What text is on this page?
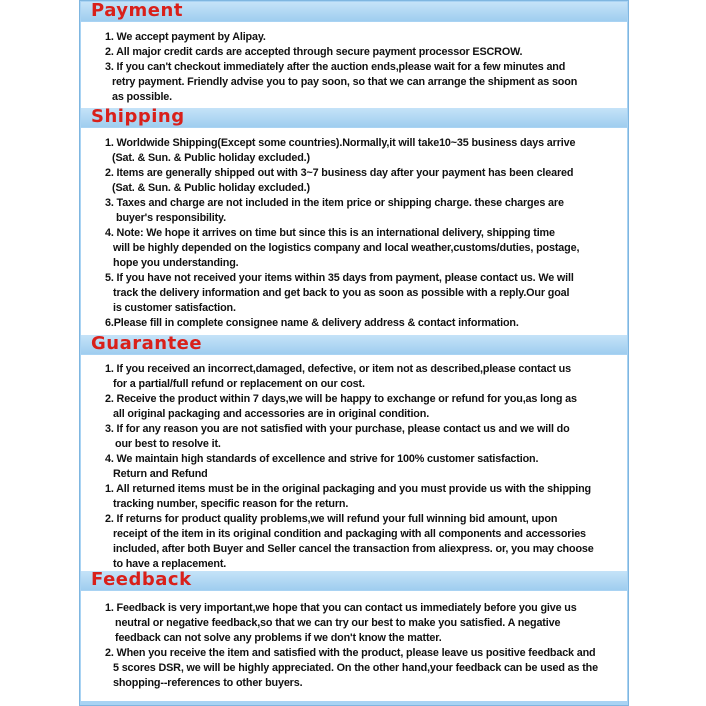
Payment
1. We accept payment by Alipay.
2. All major credit cards are accepted through secure payment processor ESCROW.
3. If you can't checkout immediately after the auction ends,please wait for a few minutes and
retry payment. Friendly advise you to pay soon, so that we can arrange the shipment as soon
as possible.
Shipping
1. Worldwide Shipping(Except some countries).Normally,it will take10~35 business days arrive
(Sat. & Sun. & Public holiday excluded.)
2. Items are generally shipped out with 3~7 business day after your payment has been cleared
(Sat. & Sun. & Public holiday excluded.)
3. Taxes and charge are not included in the item price or shipping charge. these charges are
buyer's responsibility.
4. Note: We hope it arrives on time but since this is an international delivery, shipping time
will be highly depended on the logistics company and local weather,customs/duties, postage,
hope you understanding.
5. If you have not received your items within 35 days from payment, please contact us. We will
track the delivery information and get back to you as soon as possible with a reply.Our goal
is customer satisfaction.
6.Please fill in complete consignee name & delivery address & contact information.
Guarantee
1. If you received an incorrect,damaged, defective, or item not as described,please contact us
for a partial/full refund or replacement on our cost.
2. Receive the product within 7 days,we will be happy to exchange or refund for you,as long as
all original packaging and accessories are in original condition.
3. If for any reason you are not satisfied with your purchase, please contact us and we will do
our best to resolve it.
4. We maintain high standards of excellence and strive for 100% customer satisfaction.
Return and Refund
1. All returned items must be in the original packaging and you must provide us with the shipping
tracking number, specific reason for the return.
2. If returns for product quality problems,we will refund your full winning bid amount, upon
receipt of the item in its original condition and packaging with all components and accessories
included, after both Buyer and Seller cancel the transaction from aliexpress. or, you may choose
to have a replacement.
Feedback
1. Feedback is very important,we hope that you can contact us immediately before you give us
neutral or negative feedback,so that we can try our best to make you satisfied. A negative
feedback can not solve any problems if we don't know the matter.
2. When you receive the item and satisfied with the product, please leave us positive feedback and
5 scores DSR, we will be highly appreciated. On the other hand,your feedback can be used as the
shopping--references to other buyers.
